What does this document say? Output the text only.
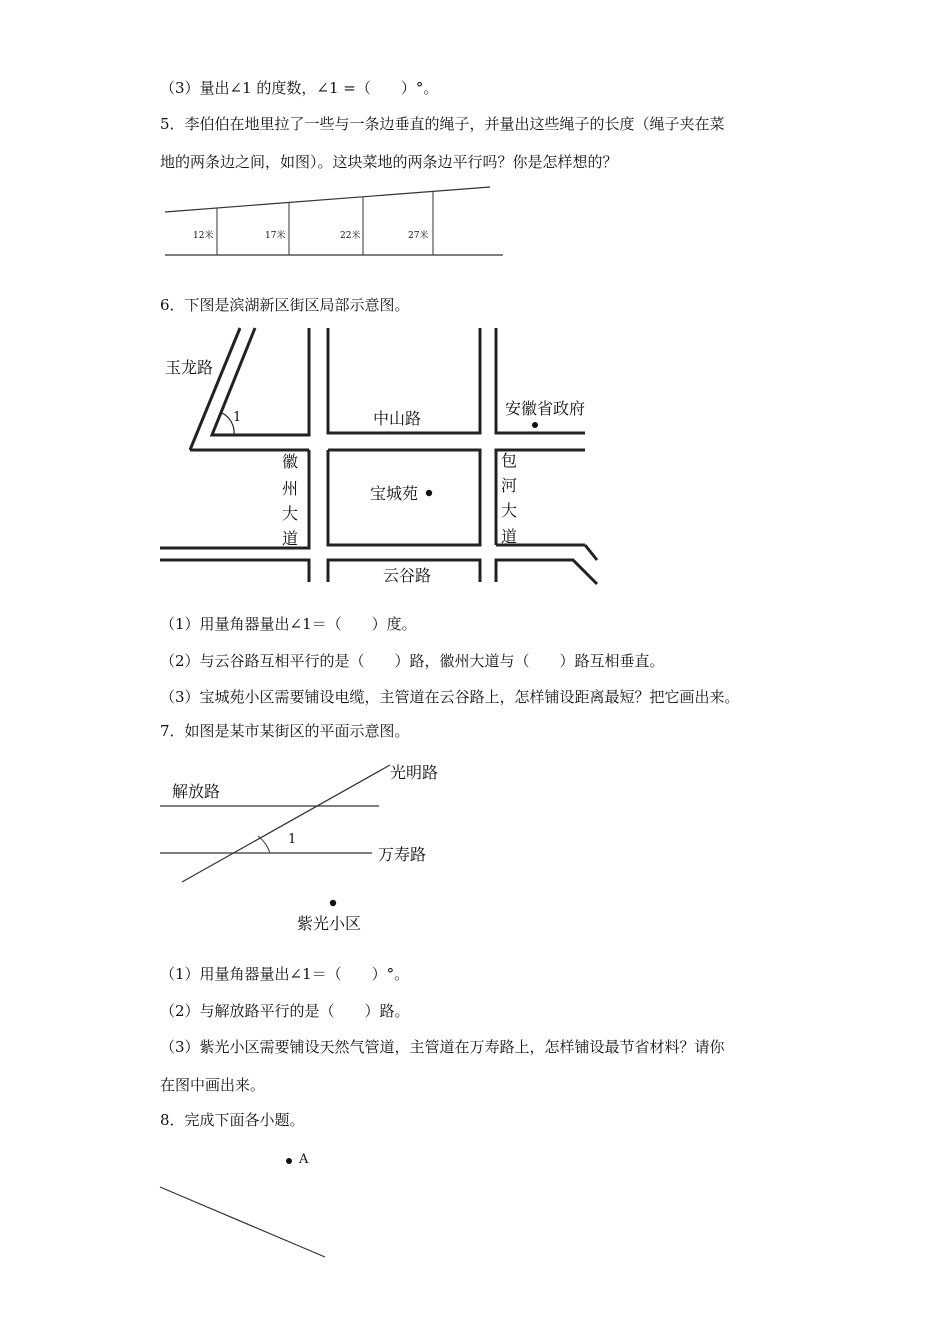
（3）量出∠1 的度数，∠1 =（　　）°。
5．李伯伯在地里拉了一些与一条边垂直的绳子，并量出这些绳子的长度（绳子夹在菜
地的两条边之间，如图）。这块菜地的两条边平行吗？你是怎样想的？
12米	17米	22米	27米
6．下图是滨湖新区街区局部示意图。
玉龙路
1	中山路
安徽省政府
徽
州
大
道
宝城苑
包
河
大
道
云谷路
（1）用量角器量出∠1＝（　　）度。
（2）与云谷路互相平行的是（　　）路，徽州大道与（　　）路互相垂直。
（3）宝城苑小区需要铺设电缆，主管道在云谷路上，怎样铺设距离最短？把它画出来。
7．如图是某市某街区的平面示意图。
光明路
解放路
1
万寿路
紫光小区
（1）用量角器量出∠1＝（　　）°。
（2）与解放路平行的是（　　）路。
（3）紫光小区需要铺设天然气管道，主管道在万寿路上，怎样铺设最节省材料？请你
在图中画出来。
8．完成下面各小题。
A
